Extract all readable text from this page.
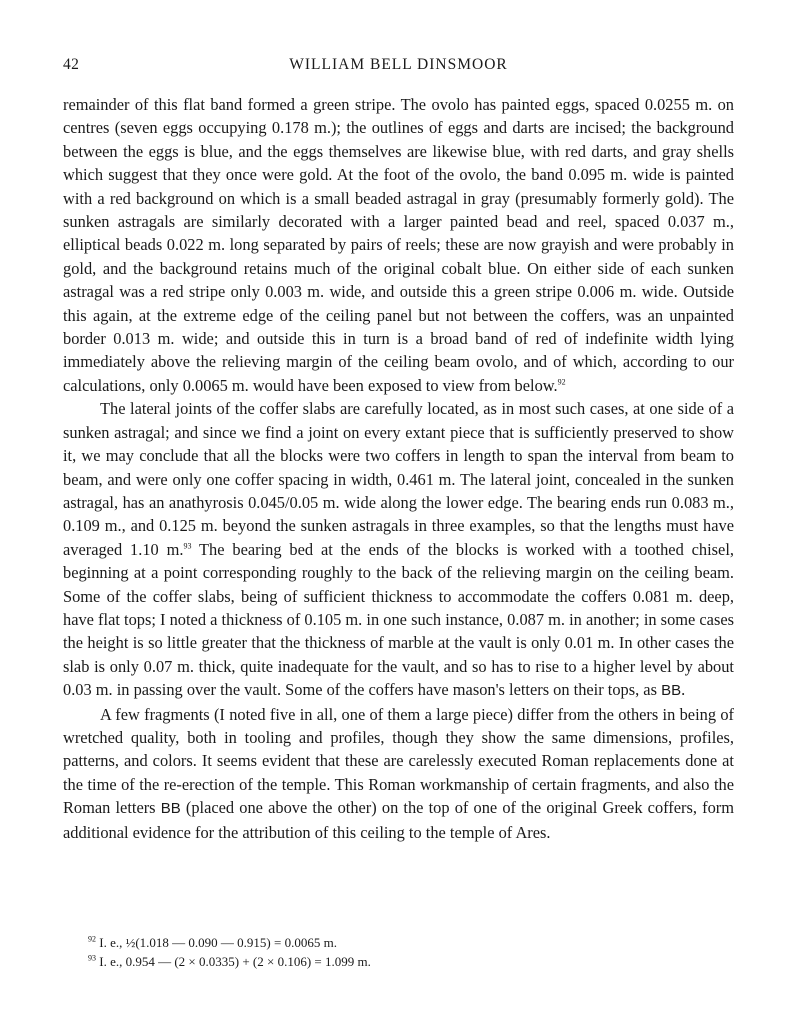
42	WILLIAM BELL DINSMOOR

remainder of this flat band formed a green stripe. The ovolo has painted eggs, spaced 0.0255 m. on centres (seven eggs occupying 0.178 m.); the outlines of eggs and darts are incised; the background between the eggs is blue, and the eggs themselves are likewise blue, with red darts, and gray shells which suggest that they once were gold. At the foot of the ovolo, the band 0.095 m. wide is painted with a red background on which is a small beaded astragal in gray (presumably formerly gold). The sunken astragals are similarly decorated with a larger painted bead and reel, spaced 0.037 m., elliptical beads 0.022 m. long separated by pairs of reels; these are now grayish and were probably in gold, and the background retains much of the original cobalt blue. On either side of each sunken astragal was a red stripe only 0.003 m. wide, and outside this a green stripe 0.006 m. wide. Outside this again, at the extreme edge of the ceiling panel but not between the coffers, was an unpainted border 0.013 m. wide; and outside this in turn is a broad band of red of indefinite width lying immediately above the relieving margin of the ceiling beam ovolo, and of which, according to our calculations, only 0.0065 m. would have been exposed to view from below.$^{92}$

The lateral joints of the coffer slabs are carefully located, as in most such cases, at one side of a sunken astragal; and since we find a joint on every extant piece that is sufficiently preserved to show it, we may conclude that all the blocks were two coffers in length to span the interval from beam to beam, and were only one coffer spacing in width, 0.461 m. The lateral joint, concealed in the sunken astragal, has an anathyrosis 0.045/0.05 m. wide along the lower edge. The bearing ends run 0.083 m., 0.109 m., and 0.125 m. beyond the sunken astragals in three examples, so that the lengths must have averaged 1.10 m.$^{93}$ The bearing bed at the ends of the blocks is worked with a toothed chisel, beginning at a point corresponding roughly to the back of the relieving margin on the ceiling beam. Some of the coffer slabs, being of sufficient thickness to accommodate the coffers 0.081 m. deep, have flat tops; I noted a thickness of 0.105 m. in one such instance, 0.087 m. in another; in some cases the height is so little greater that the thickness of marble at the vault is only 0.01 m. In other cases the slab is only 0.07 m. thick, quite inadequate for the vault, and so has to rise to a higher level by about 0.03 m. in passing over the vault. Some of the coffers have mason's letters on their tops, as BB.

A few fragments (I noted five in all, one of them a large piece) differ from the others in being of wretched quality, both in tooling and profiles, though they show the same dimensions, profiles, patterns, and colors. It seems evident that these are carelessly executed Roman replacements done at the time of the re-erection of the temple. This Roman workmanship of certain fragments, and also the Roman letters BB (placed one above the other) on the top of one of the original Greek coffers, form additional evidence for the attribution of this ceiling to the temple of Ares.

$^{92}$ I. e., ½(1.018 — 0.090 — 0.915) = 0.0065 m.

$^{93}$ I. e., 0.954 — (2 × 0.0335) + (2 × 0.106) = 1.099 m.
